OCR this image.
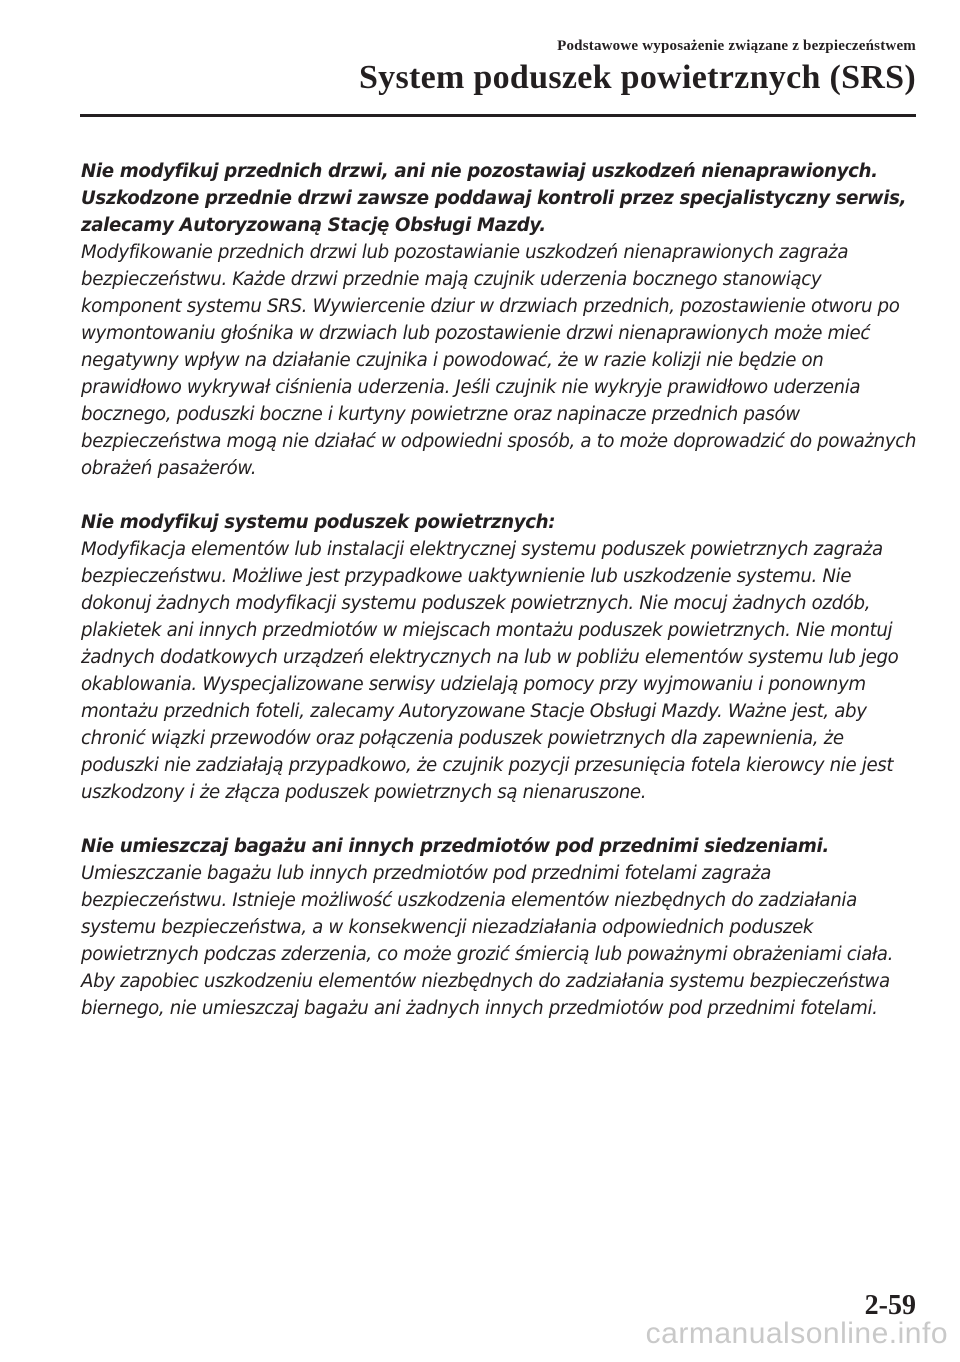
Podstawowe wyposażenie związane z bezpieczeństwem
System poduszek powietrznych (SRS)
Nie modyfikuj przednich drzwi, ani nie pozostawiaj uszkodzeń nienaprawionych. Uszkodzone przednie drzwi zawsze poddawaj kontroli przez specjalistyczny serwis, zalecamy Autoryzowaną Stację Obsługi Mazdy.
Modyfikowanie przednich drzwi lub pozostawianie uszkodzeń nienaprawionych zagraża bezpieczeństwu. Każde drzwi przednie mają czujnik uderzenia bocznego stanowiący komponent systemu SRS. Wywiercenie dziur w drzwiach przednich, pozostawienie otworu po wymontowaniu głośnika w drzwiach lub pozostawienie drzwi nienaprawionych może mieć negatywny wpływ na działanie czujnika i powodować, że w razie kolizji nie będzie on prawidłowo wykrywał ciśnienia uderzenia. Jeśli czujnik nie wykryje prawidłowo uderzenia bocznego, poduszki boczne i kurtyny powietrzne oraz napinacze przednich pasów bezpieczeństwa mogą nie działać w odpowiedni sposób, a to może doprowadzić do poważnych obrażeń pasażerów.
Nie modyfikuj systemu poduszek powietrznych:
Modyfikacja elementów lub instalacji elektrycznej systemu poduszek powietrznych zagraża bezpieczeństwu. Możliwe jest przypadkowe uaktywnienie lub uszkodzenie systemu. Nie dokonuj żadnych modyfikacji systemu poduszek powietrznych. Nie mocuj żadnych ozdób, plakietek ani innych przedmiotów w miejscach montażu poduszek powietrznych. Nie montuj żadnych dodatkowych urządzeń elektrycznych na lub w pobliżu elementów systemu lub jego okablowania. Wyspecjalizowane serwisy udzielają pomocy przy wyjmowaniu i ponownym montażu przednich foteli, zalecamy Autoryzowane Stacje Obsługi Mazdy. Ważne jest, aby chronić wiązki przewodów oraz połączenia poduszek powietrznych dla zapewnienia, że poduszki nie zadziałają przypadkowo, że czujnik pozycji przesunięcia fotela kierowcy nie jest uszkodzony i że złącza poduszek powietrznych są nienaruszone.
Nie umieszczaj bagażu ani innych przedmiotów pod przednimi siedzeniami.
Umieszczanie bagażu lub innych przedmiotów pod przednimi fotelami zagraża bezpieczeństwu. Istnieje możliwość uszkodzenia elementów niezbędnych do zadziałania systemu bezpieczeństwa, a w konsekwencji niezadziałania odpowiednich poduszek powietrznych podczas zderzenia, co może grozić śmiercią lub poważnymi obrażeniami ciała. Aby zapobiec uszkodzeniu elementów niezbędnych do zadziałania systemu bezpieczeństwa biernego, nie umieszczaj bagażu ani żadnych innych przedmiotów pod przednimi fotelami.
2-59
carmanualsonline.info
